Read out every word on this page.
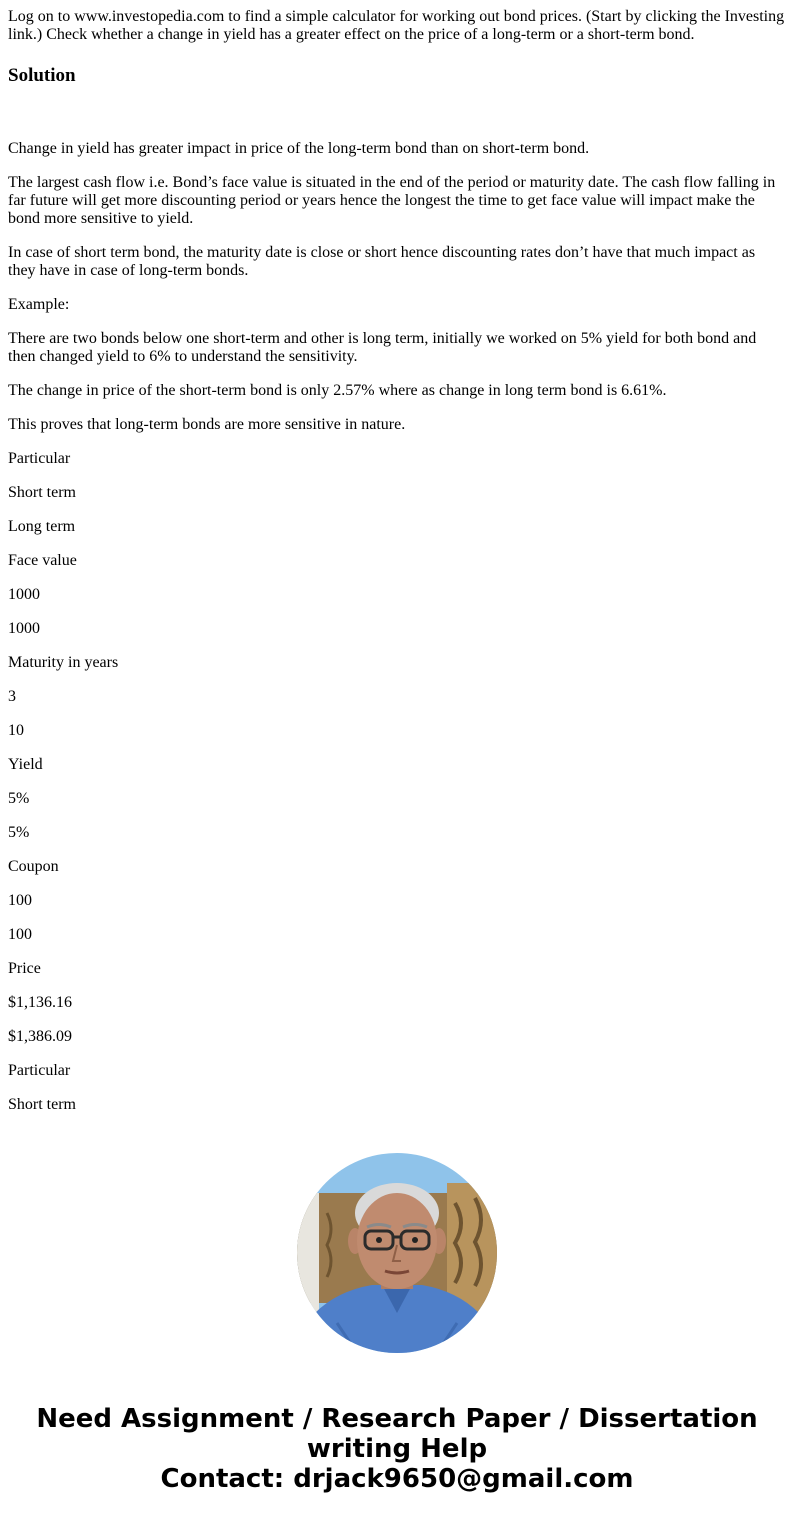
Log on to www.investopedia.com to find a simple calculator for working out bond prices. (Start by clicking the Investing link.) Check whether a change in yield has a greater effect on the price of a long-term or a short-term bond.

Solution

Change in yield has greater impact in price of the long-term bond than on short-term bond.

The largest cash flow i.e. Bond’s face value is situated in the end of the period or maturity date. The cash flow falling in far future will get more discounting period or years hence the longest the time to get face value will impact make the bond more sensitive to yield.

In case of short term bond, the maturity date is close or short hence discounting rates don’t have that much impact as they have in case of long-term bonds.

Example:

There are two bonds below one short-term and other is long term, initially we worked on 5% yield for both bond and then changed yield to 6% to understand the sensitivity.

The change in price of the short-term bond is only 2.57% where as change in long term bond is 6.61%.

This proves that long-term bonds are more sensitive in nature.

Particular

Short term

Long term

Face value

1000

1000

Maturity in years

3

10

Yield

5%

5%

Coupon

100

100

Price

$1,136.16

$1,386.09

Particular

Short term

Need Assignment / Research Paper / Dissertation
writing Help
Contact: drjack9650@gmail.com
